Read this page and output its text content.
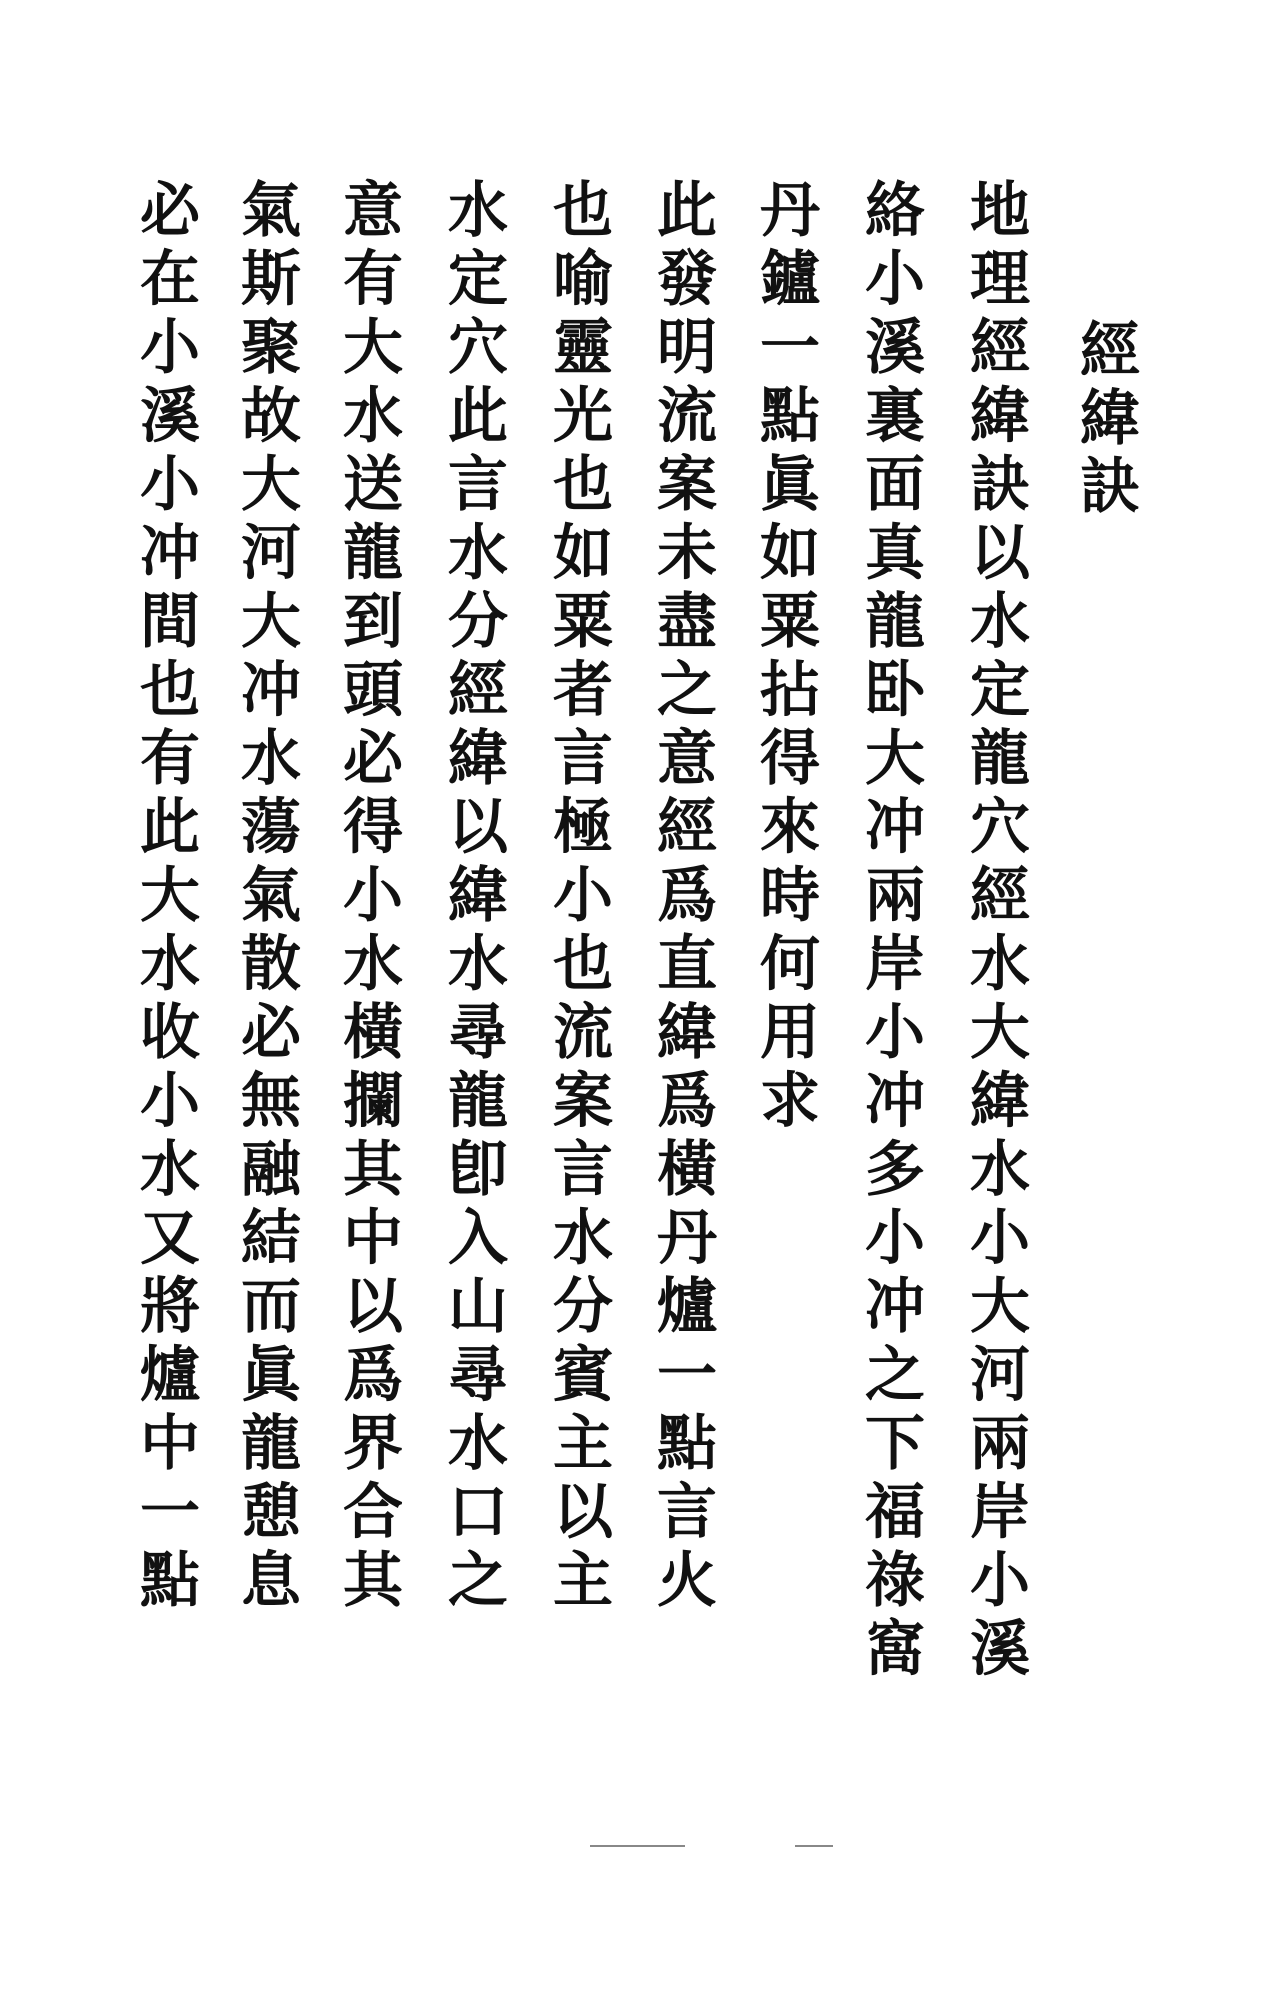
經緯訣
地理經緯訣以水定龍穴經水大緯水小大河兩岸小溪
絡小溪裏面真龍卧大冲兩岸小冲多小冲之下福祿窩
丹鑪一點眞如粟拈得來時何用求
此發明流案未盡之意經爲直緯爲橫丹爐一點言火
也喻靈光也如粟者言極小也流案言水分賓主以主
水定穴此言水分經緯以緯水尋龍卽入山尋水口之
意有大水送龍到頭必得小水橫攔其中以爲界合其
氣斯聚故大河大冲水蕩氣散必無融結而眞龍憩息
必在小溪小冲間也有此大水收小水又將爐中一點
